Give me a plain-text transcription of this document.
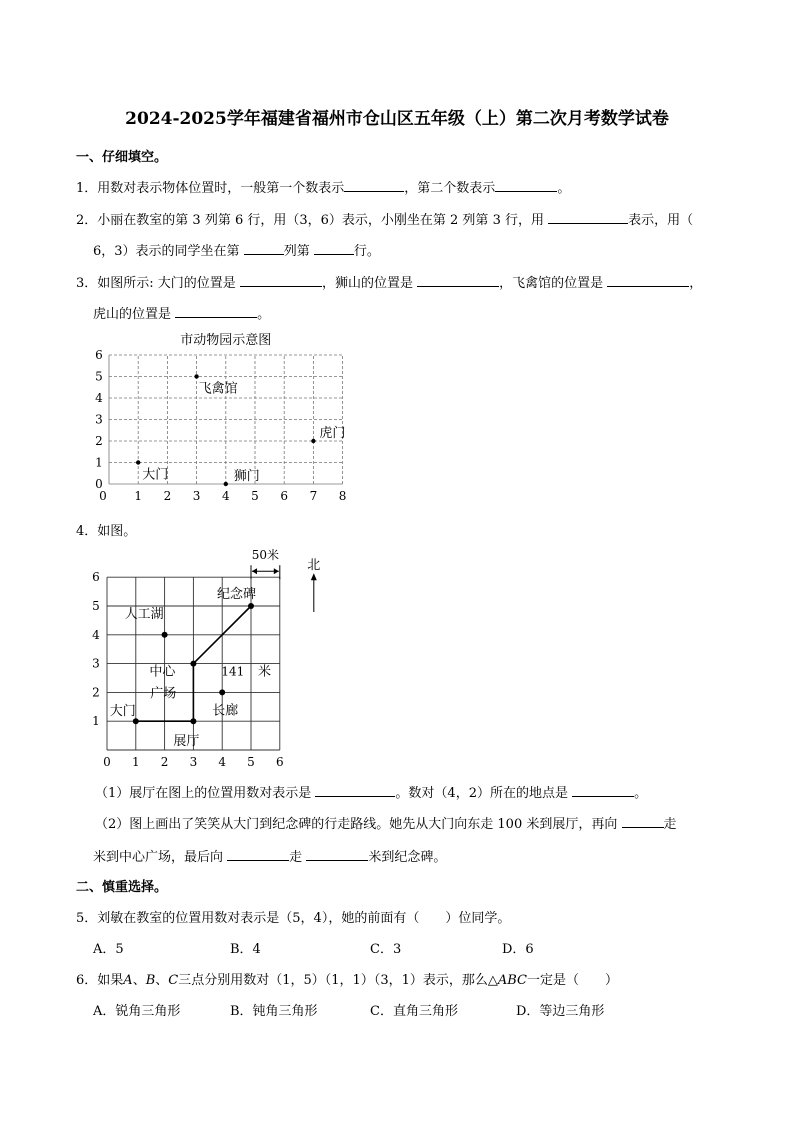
2024-2025学年福建省福州市仓山区五年级（上）第二次月考数学试卷
一、仔细填空。
1．用数对表示物体位置时，一般第一个数表示	，第二个数表示	。
2．小丽在教室的第 3 列第 6 行，用（3，6）表示，小刚坐在第 2 列第 3 行，用	表示，用（
6，3）表示的同学坐在第	列第	行。
3．如图所示: 大门的位置是	，狮山的位置是	，飞禽馆的位置是	，
虎山的位置是	。
市动物园示意图
0 1 2 3 4 5 6 7 8
1
2
3
4
5
6
0
大门	狮门
飞禽馆
虎门
4．如图。
0 1 2 3 4 5 6
1
2
3
4
5
6
50米
北
大门
展厅
中心
人工湖
长廊
纪念碑
广场
141 米
（1）展厅在图上的位置用数对表示是	。数对（4，2）所在的地点是	。
（2）图上画出了笑笑从大门到纪念碑的行走路线。她先从大门向东走 100 米到展厅，再向	走
米到中心广场，最后向	走	米到纪念碑。
二、慎重选择。
5．刘敏在教室的位置用数对表示是（5，4），她的前面有（　　）位同学。
A．5	B．4	C．3	D．6
6．如果A、B、C三点分别用数对（1，5）（1，1）（3，1）表示，那么△ABC一定是（　　）
A．锐角三角形	B．钝角三角形	C．直角三角形	D．等边三角形
